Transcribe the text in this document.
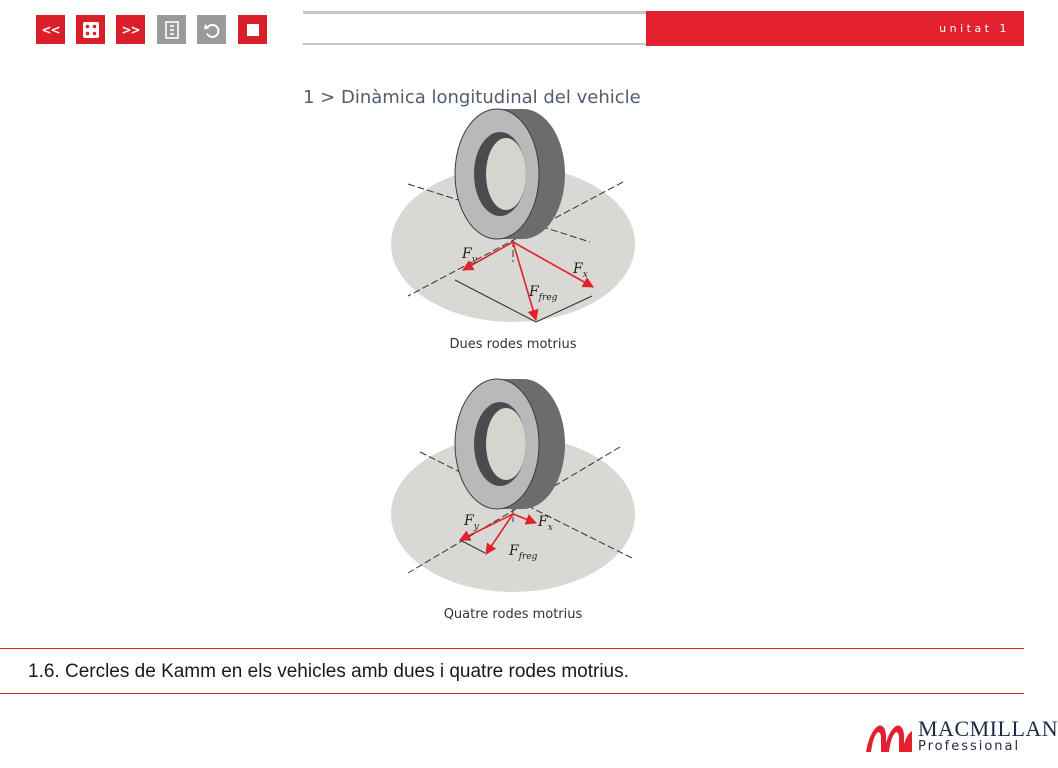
<<	>>	unitat 1
1 > Dinàmica longitudinal del vehicle
$F_y$
$F_x$
$F_{freg}$
Dues rodes motrius
$F_y$	$F_x$
$F_{freg}$
Quatre rodes motrius
1.6. Cercles de Kamm en els vehicles amb dues i quatre rodes motrius.
MACMILLAN
Professional
